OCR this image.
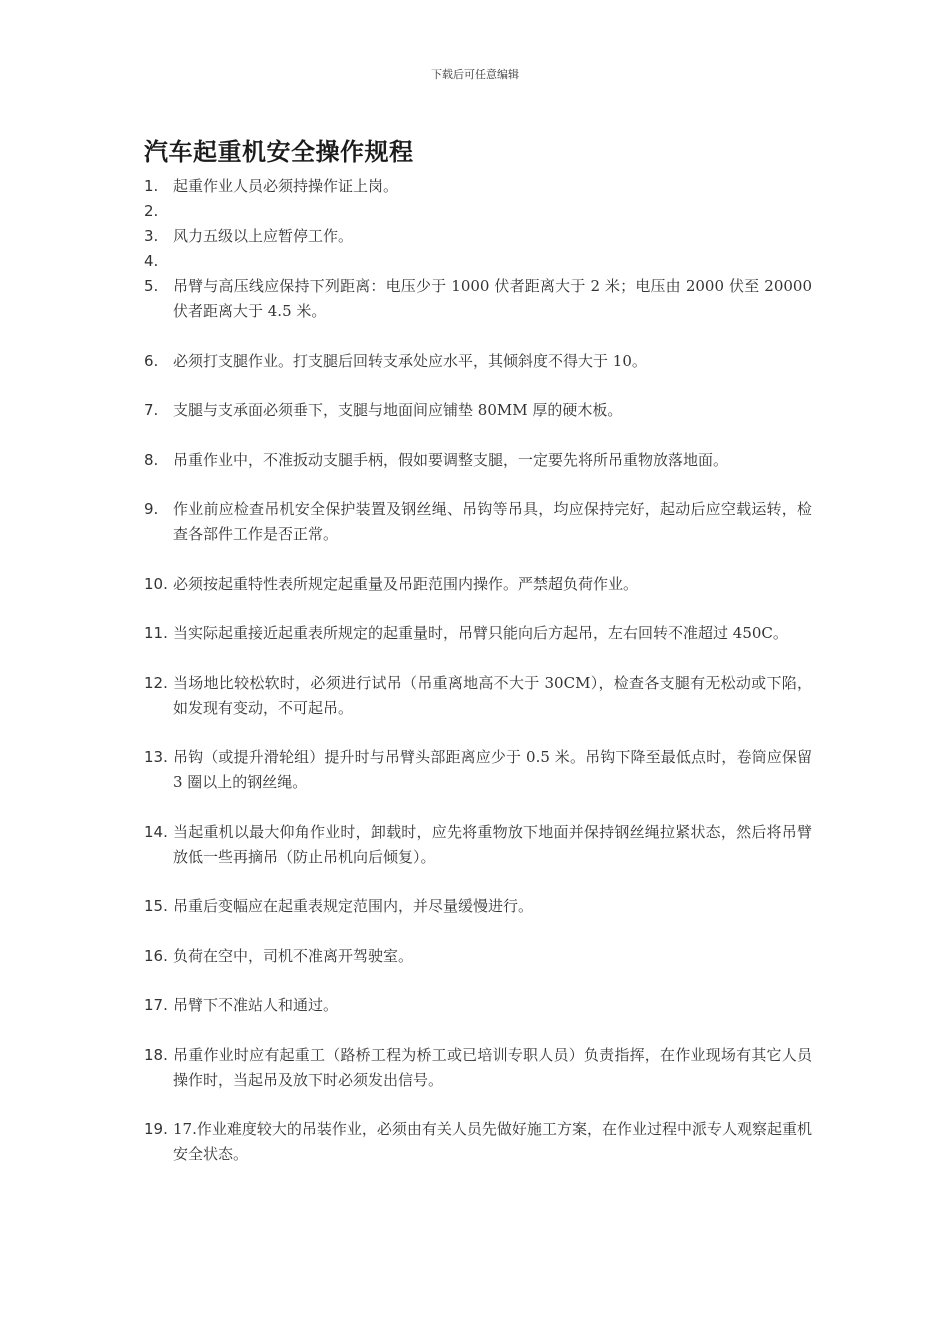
下载后可任意编辑
汽车起重机安全操作规程
1. 起重作业人员必须持操作证上岗。
2.
3. 风力五级以上应暂停工作。
4.
5. 吊臂与高压线应保持下列距离：电压少于 1000 伏者距离大于 2 米；电压由 2000 伏至 20000 伏者距离大于 4.5 米。
6. 必须打支腿作业。打支腿后回转支承处应水平，其倾斜度不得大于 10。
7. 支腿与支承面必须垂下，支腿与地面间应铺垫 80MM 厚的硬木板。
8. 吊重作业中，不准扳动支腿手柄，假如要调整支腿，一定要先将所吊重物放落地面。
9. 作业前应检查吊机安全保护装置及钢丝绳、吊钩等吊具，均应保持完好，起动后应空载运转，检查各部件工作是否正常。
10. 必须按起重特性表所规定起重量及吊距范围内操作。严禁超负荷作业。
11. 当实际起重接近起重表所规定的起重量时，吊臂只能向后方起吊，左右回转不准超过 450C。
12. 当场地比较松软时，必须进行试吊（吊重离地高不大于 30CM），检查各支腿有无松动或下陷，如发现有变动，不可起吊。
13. 吊钩（或提升滑轮组）提升时与吊臂头部距离应少于 0.5 米。吊钩下降至最低点时，卷筒应保留 3 圈以上的钢丝绳。
14. 当起重机以最大仰角作业时，卸载时，应先将重物放下地面并保持钢丝绳拉紧状态，然后将吊臂放低一些再摘吊（防止吊机向后倾复）。
15. 吊重后变幅应在起重表规定范围内，并尽量缓慢进行。
16. 负荷在空中，司机不准离开驾驶室。
17. 吊臂下不准站人和通过。
18. 吊重作业时应有起重工（路桥工程为桥工或已培训专职人员）负责指挥，在作业现场有其它人员操作时，当起吊及放下时必须发出信号。
19. 17.作业难度较大的吊装作业，必须由有关人员先做好施工方案，在作业过程中派专人观察起重机安全状态。
